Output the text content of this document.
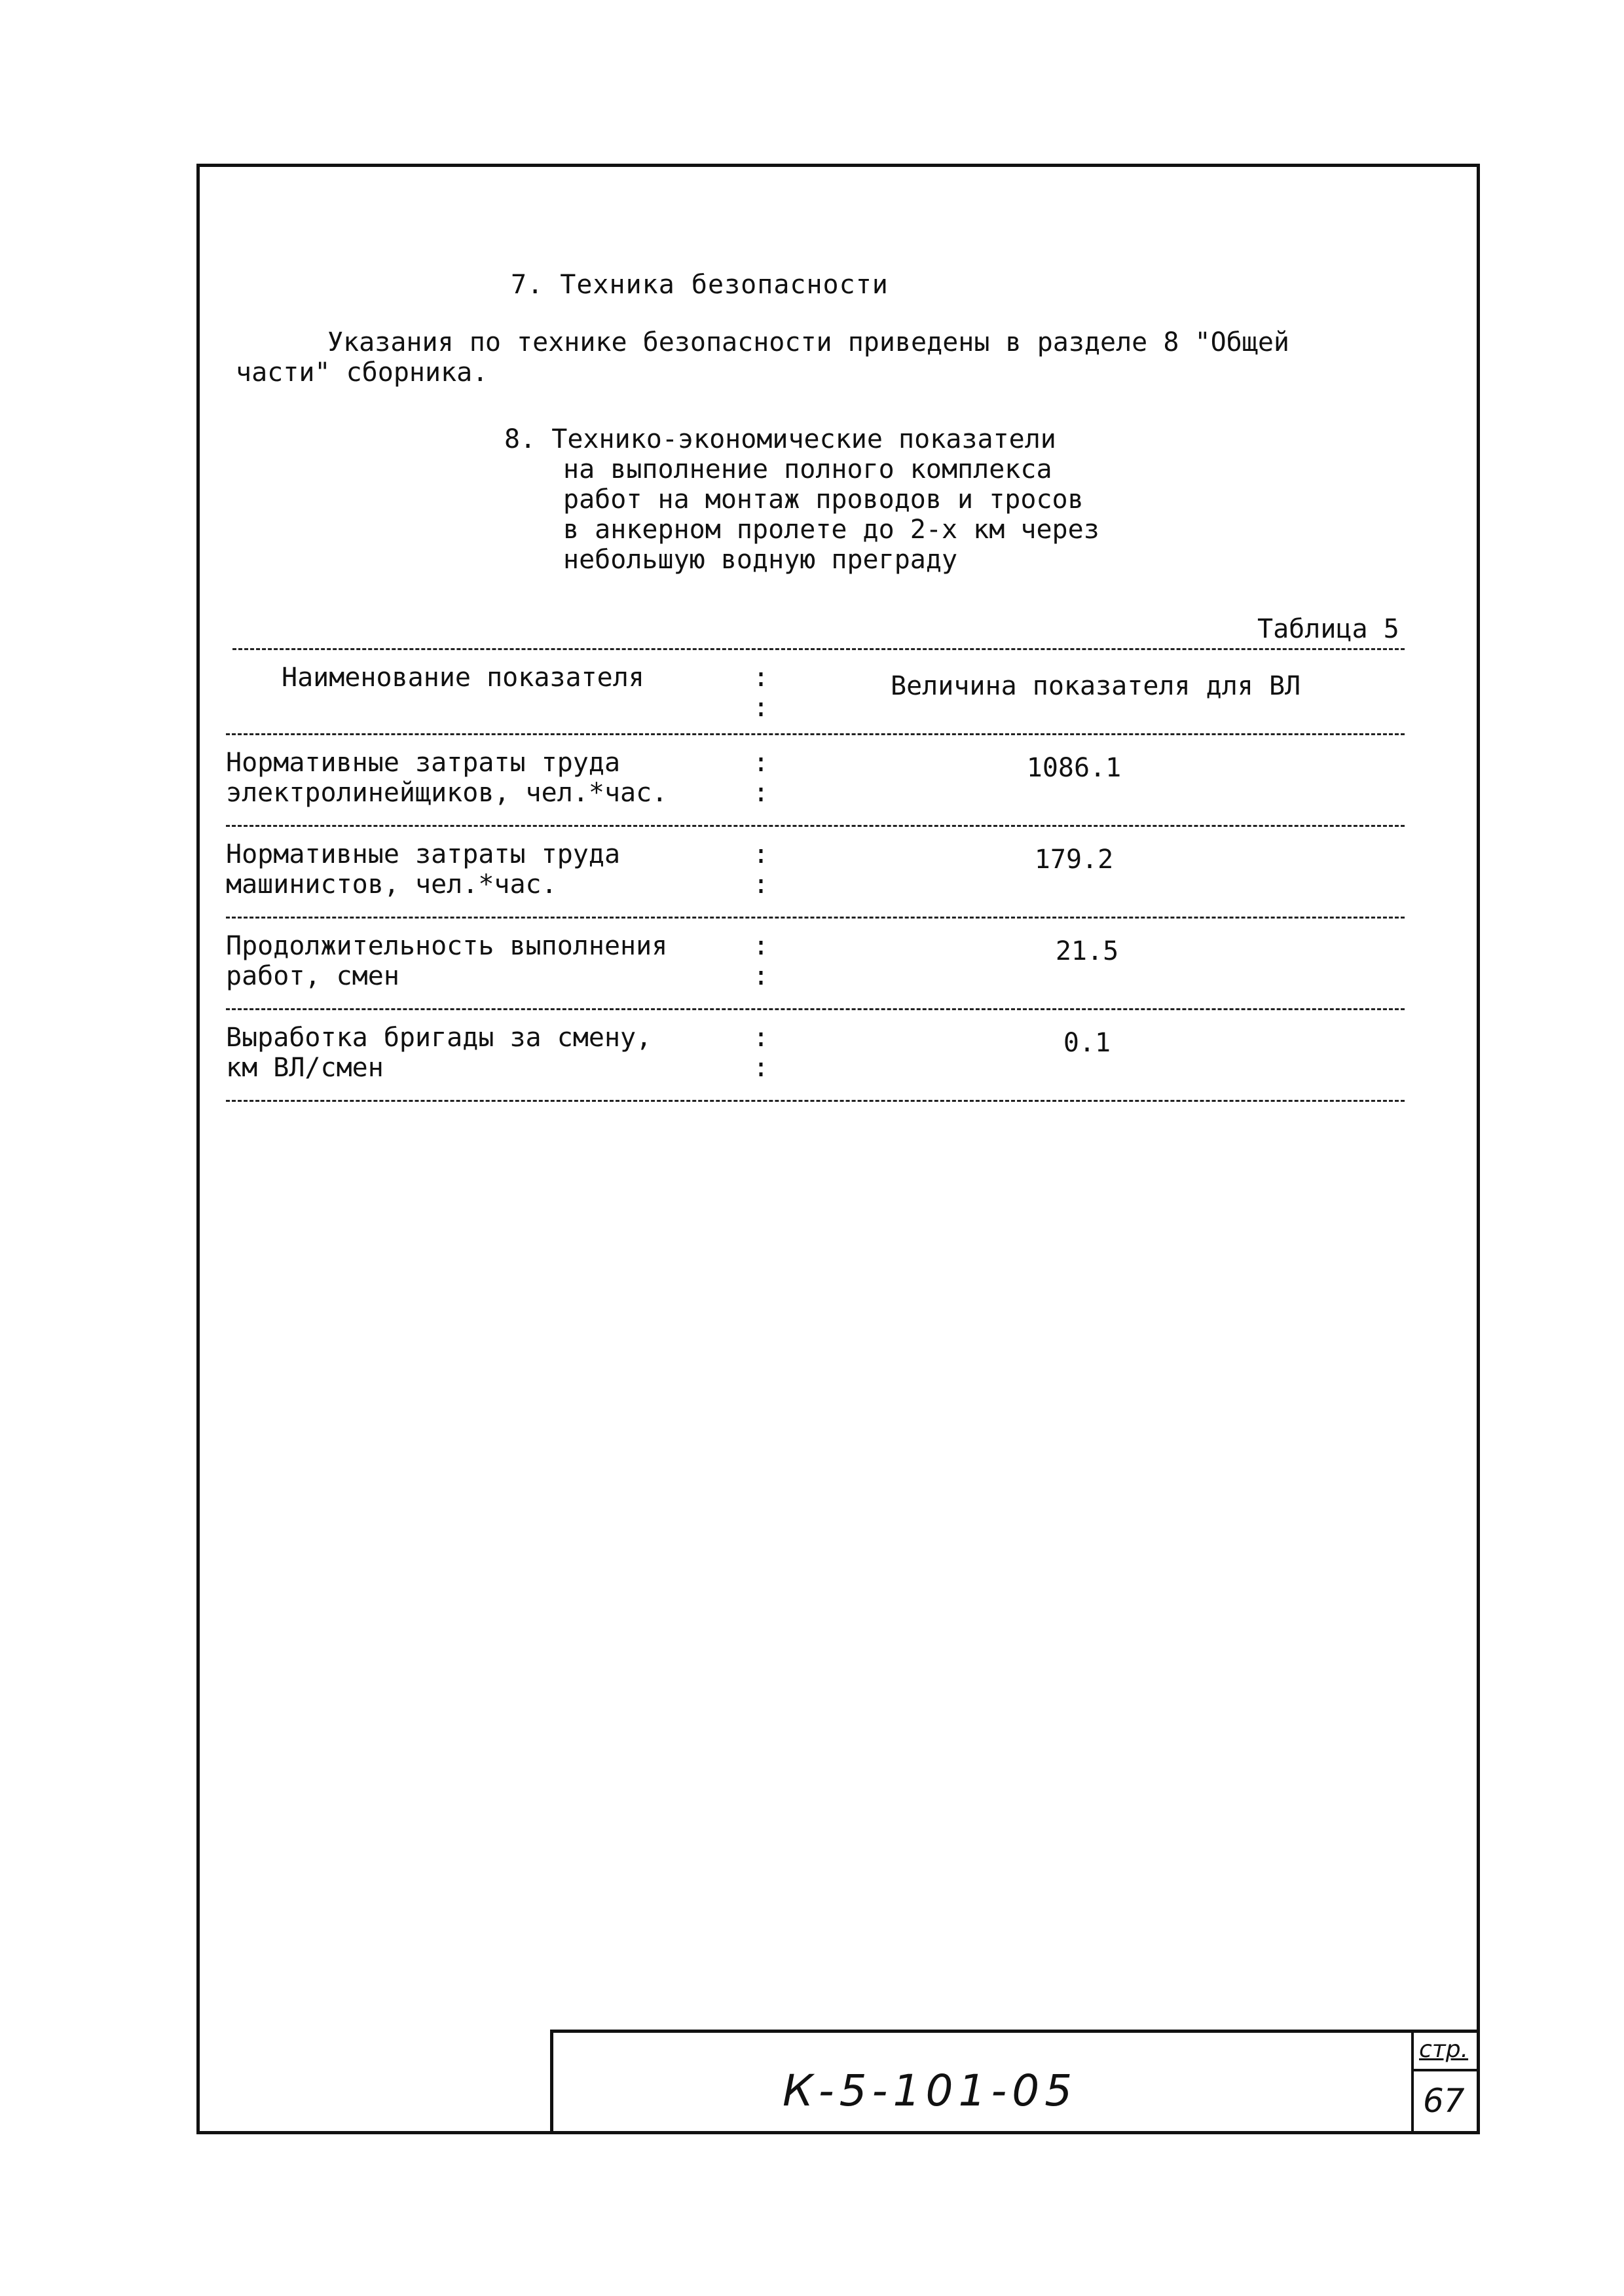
7. Техника безопасности
Указания по технике безопасности приведены в разделе 8 "Общей
части" сборника.
8. Технико-экономические показатели
на выполнение полного комплекса
работ на монтаж проводов и тросов
в анкерном пролете до 2-х км через
небольшую водную преграду
Таблица 5
Наименование показателя	Величина показателя для ВЛ
:
:
Нормативные затраты труда
электролинейщиков, чел.*час.
:
:
1086.1
Нормативные затраты труда
машинистов, чел.*час.
:
:
179.2
Продолжительность выполнения
работ, смен
:
:
21.5
Выработка бригады за смену,
км ВЛ/смен
:
:
0.1
К-5-101-05
стр.
67
